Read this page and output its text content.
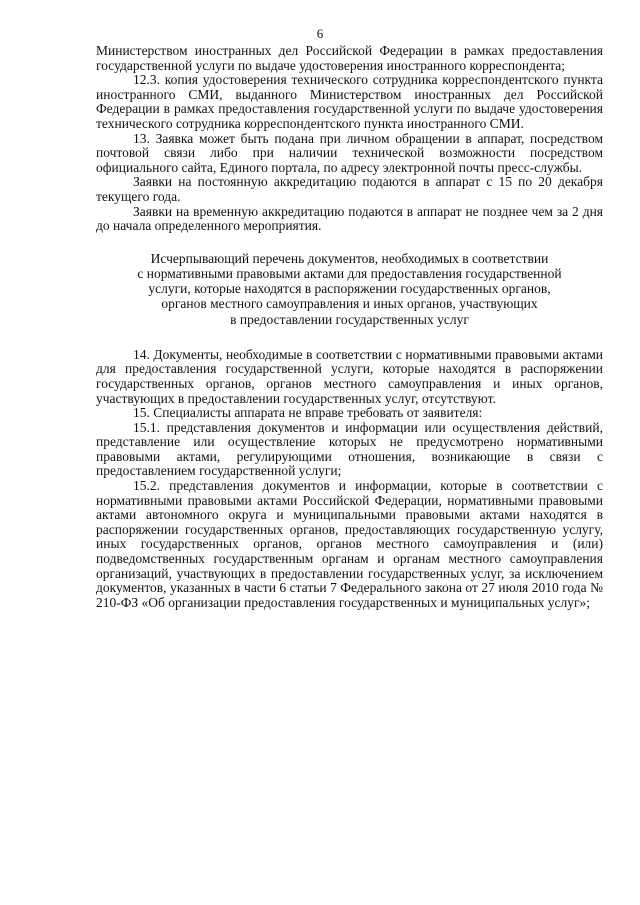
6

Министерством иностранных дел Российской Федерации в рамках предоставления государственной услуги по выдаче удостоверения иностранного корреспондента;

12.3. копия удостоверения технического сотрудника корреспондентского пункта иностранного СМИ, выданного Министерством иностранных дел Российской Федерации в рамках предоставления государственной услуги по выдаче удостоверения технического сотрудника корреспондентского пункта иностранного СМИ.

13. Заявка может быть подана при личном обращении в аппарат, посредством почтовой связи либо при наличии технической возможности посредством официального сайта, Единого портала, по адресу электронной почты пресс-службы.

Заявки на постоянную аккредитацию подаются в аппарат с 15 по 20 декабря текущего года.

Заявки на временную аккредитацию подаются в аппарат не позднее чем за 2 дня до начала определенного мероприятия.

Исчерпывающий перечень документов, необходимых в соответствии
с нормативными правовыми актами для предоставления государственной
услуги, которые находятся в распоряжении государственных органов,
органов местного самоуправления и иных органов, участвующих
в предоставлении государственных услуг

14. Документы, необходимые в соответствии с нормативными правовыми актами для предоставления государственной услуги, которые находятся в распоряжении государственных органов, органов местного самоуправления и иных органов, участвующих в предоставлении государственных услуг, отсутствуют.

15. Специалисты аппарата не вправе требовать от заявителя:

15.1. представления документов и информации или осуществления действий, представление или осуществление которых не предусмотрено нормативными правовыми актами, регулирующими отношения, возникающие в связи с предоставлением государственной услуги;

15.2. представления документов и информации, которые в соответствии с нормативными правовыми актами Российской Федерации, нормативными правовыми актами автономного округа и муниципальными правовыми актами находятся в распоряжении государственных органов, предоставляющих государственную услугу, иных государственных органов, органов местного самоуправления и (или) подведомственных государственным органам и органам местного самоуправления организаций, участвующих в предоставлении государственных услуг, за исключением документов, указанных в части 6 статьи 7 Федерального закона от 27 июля 2010 года № 210-ФЗ «Об организации предоставления государственных и муниципальных услуг»;
